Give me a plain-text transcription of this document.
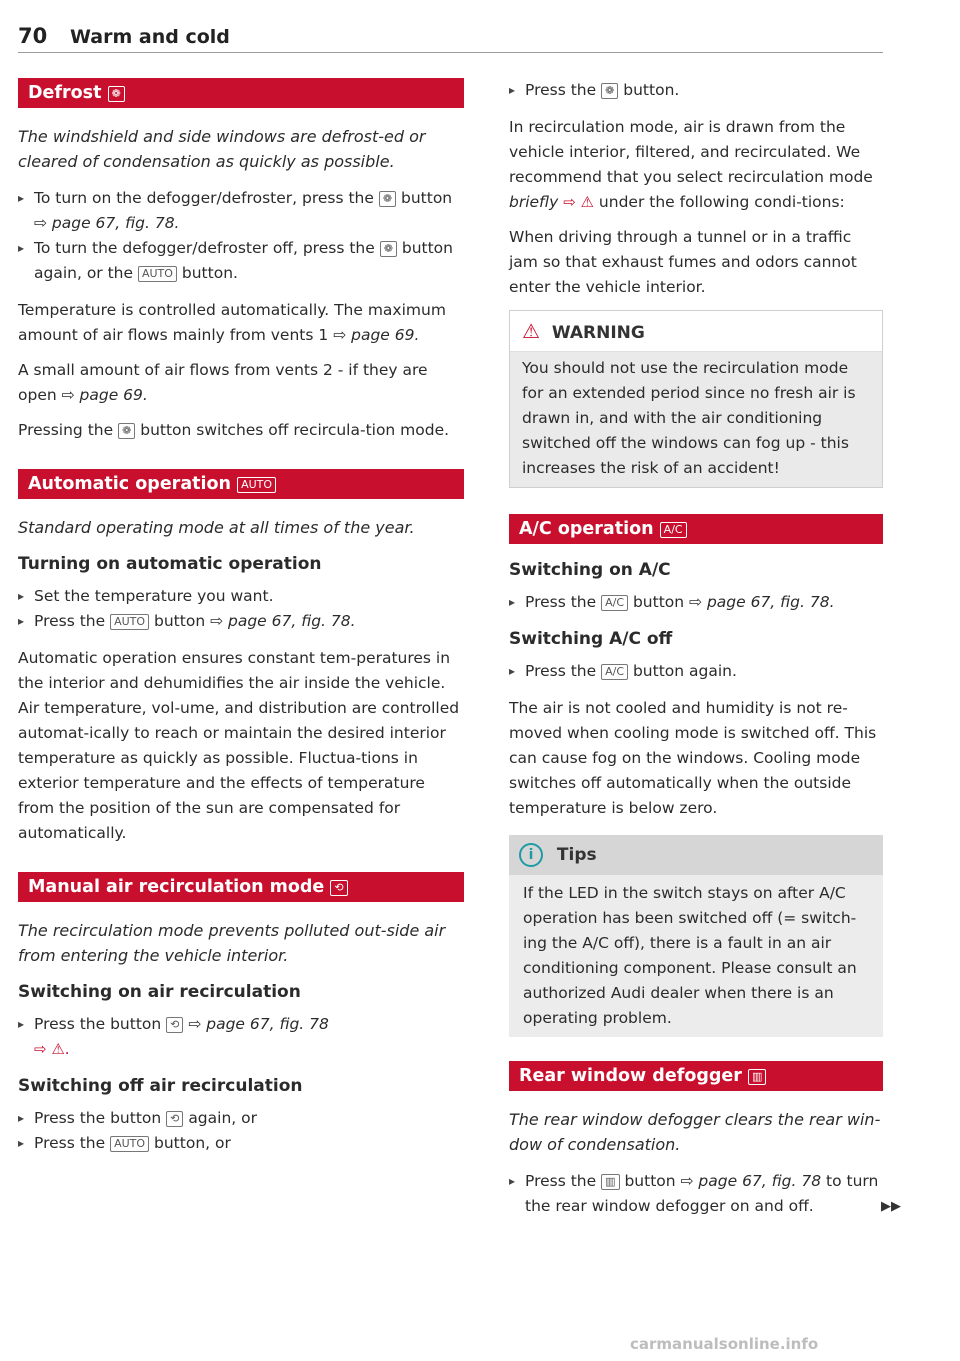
70 Warm and cold
Defrost ❁
The windshield and side windows are defrost-ed or cleared of condensation as quickly as possible.
▸ To turn on the defogger/defroster, press the ❁ button ⇨ page 67, fig. 78.
▸ To turn the defogger/defroster off, press the ❁ button again, or the AUTO button.
Temperature is controlled automatically. The maximum amount of air flows mainly from vents 1 ⇨ page 69.
A small amount of air flows from vents 2 - if they are open ⇨ page 69.
Pressing the ❁ button switches off recircula-tion mode.
Automatic operation AUTO
Standard operating mode at all times of the year.
Turning on automatic operation
▸ Set the temperature you want.
▸ Press the AUTO button ⇨ page 67, fig. 78.
Automatic operation ensures constant tem-peratures in the interior and dehumidifies the air inside the vehicle. Air temperature, vol-ume, and distribution are controlled automat-ically to reach or maintain the desired interior temperature as quickly as possible. Fluctua-tions in exterior temperature and the effects of temperature from the position of the sun are compensated for automatically.
Manual air recirculation mode ⟲
The recirculation mode prevents polluted out-side air from entering the vehicle interior.
Switching on air recirculation
▸ Press the button ⟲ ⇨ page 67, fig. 78
⇨ ⚠.
Switching off air recirculation
▸ Press the button ⟲ again, or
▸ Press the AUTO button, or
▸ Press the ❁ button.
In recirculation mode, air is drawn from the vehicle interior, filtered, and recirculated. We recommend that you select recirculation mode briefly ⇨ ⚠ under the following condi-tions:
When driving through a tunnel or in a traffic jam so that exhaust fumes and odors cannot enter the vehicle interior.
⚠ WARNING
You should not use the recirculation mode for an extended period since no fresh air is drawn in, and with the air conditioning switched off the windows can fog up - this increases the risk of an accident!
A/C operation A/C
Switching on A/C
▸ Press the A/C button ⇨ page 67, fig. 78.
Switching A/C off
▸ Press the A/C button again.
The air is not cooled and humidity is not re-moved when cooling mode is switched off. This can cause fog on the windows. Cooling mode switches off automatically when the outside temperature is below zero.
i Tips
If the LED in the switch stays on after A/C operation has been switched off (= switch-ing the A/C off), there is a fault in an air conditioning component. Please consult an authorized Audi dealer when there is an operating problem.
Rear window defogger ▥
The rear window defogger clears the rear win-dow of condensation.
▸ Press the ▥ button ⇨ page 67, fig. 78 to turn the rear window defogger on and off.	▶▶
carmanualsonline.info
